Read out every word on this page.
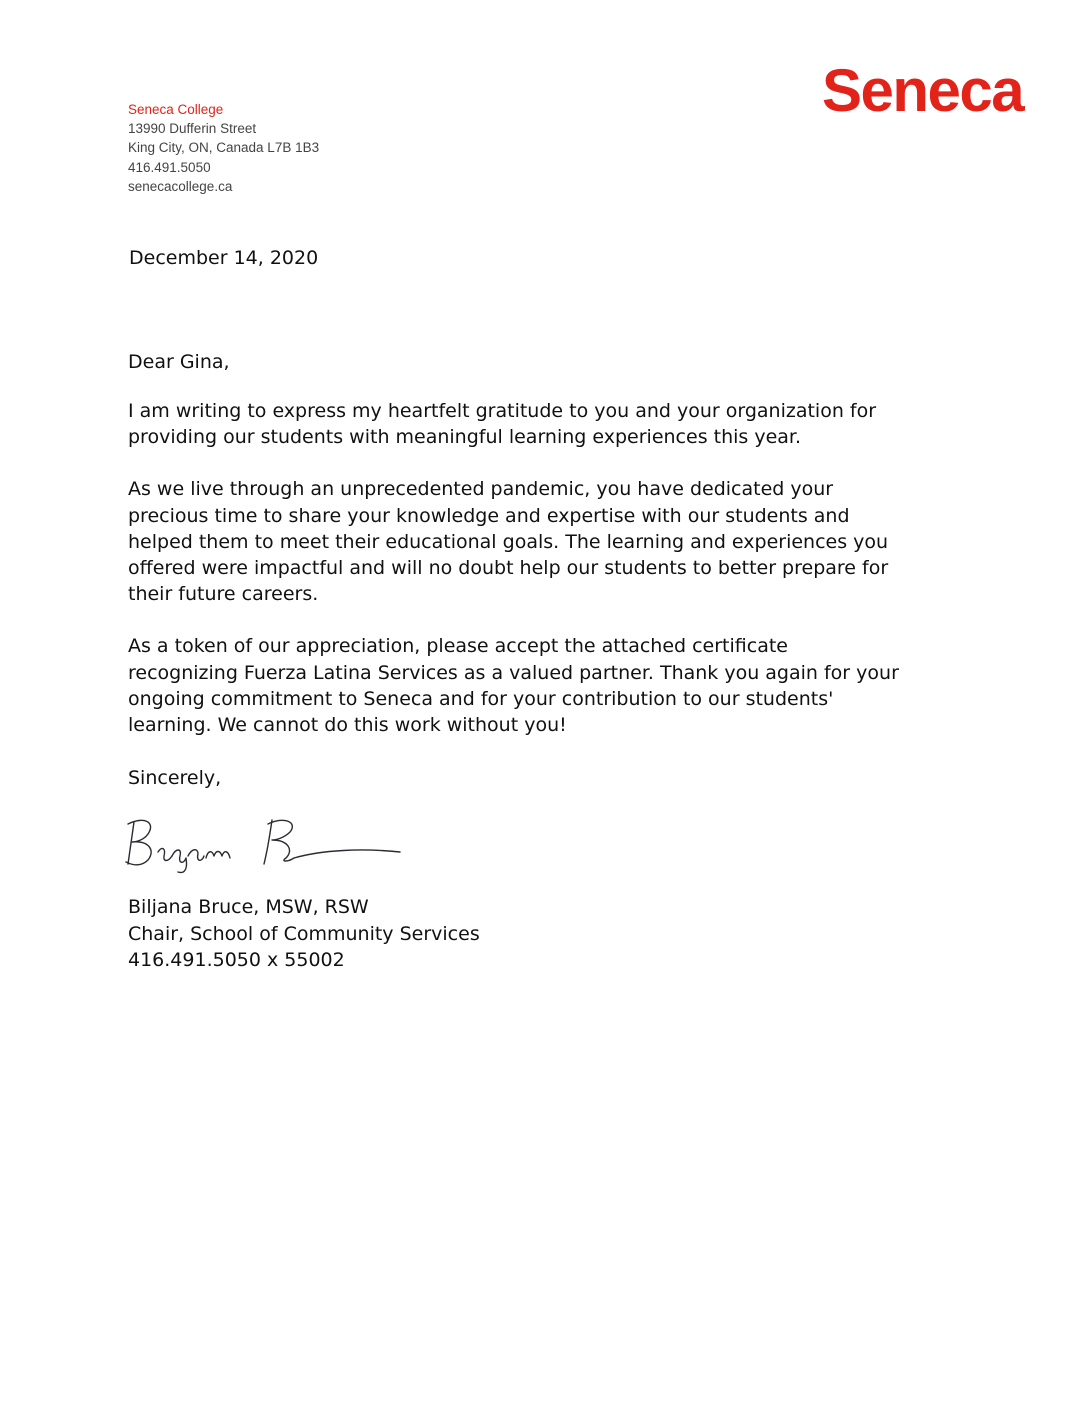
Seneca College
13990 Dufferin Street
King City, ON, Canada L7B 1B3
416.491.5050
senecacollege.ca
Seneca
December 14, 2020

Dear Gina,

I am writing to express my heartfelt gratitude to you and your organization for
providing our students with meaningful learning experiences this year.

As we live through an unprecedented pandemic, you have dedicated your
precious time to share your knowledge and expertise with our students and
helped them to meet their educational goals. The learning and experiences you
offered were impactful and will no doubt help our students to better prepare for
their future careers.

As a token of our appreciation, please accept the attached certificate
recognizing Fuerza Latina Services as a valued partner. Thank you again for your
ongoing commitment to Seneca and for your contribution to our students'
learning. We cannot do this work without you!

Sincerely,

Biljana Bruce, MSW, RSW
Chair, School of Community Services
416.491.5050 x 55002
